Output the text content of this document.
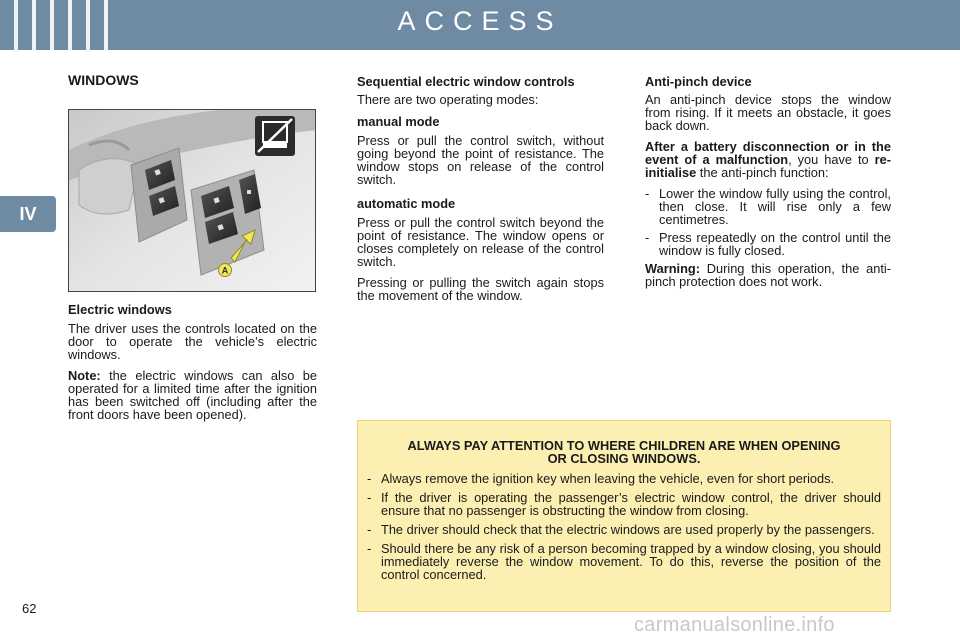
ACCESS
IV
WINDOWS
A

Electric windows

The driver uses the controls located on the door to operate the vehicle’s electric windows.

Note: the electric windows can also be operated for a limited time after the ignition has been switched off (including after the front doors have been opened).

Sequential electric window controls

There are two operating modes:

manual mode

Press or pull the control switch, without going beyond the point of resistance. The window stops on release of the control switch.

automatic mode

Press or pull the control switch beyond the point of resistance. The window opens or closes completely on release of the control switch.

Pressing or pulling the switch again stops the movement of the window.

Anti-pinch device

An anti-pinch device stops the window from rising. If it meets an obstacle, it goes back down.

After a battery disconnection or in the event of a malfunction, you have to re-initialise the anti-pinch function:

- Lower the window fully using the control, then close. It will rise only a few centimetres.
- Press repeatedly on the control until the window is fully closed.

Warning: During this operation, the anti-pinch protection does not work.

ALWAYS PAY ATTENTION TO WHERE CHILDREN ARE WHEN OPENING OR CLOSING WINDOWS.

- Always remove the ignition key when leaving the vehicle, even for short periods.
- If the driver is operating the passenger’s electric window control, the driver should ensure that no passenger is obstructing the window from closing.
- The driver should check that the electric windows are used properly by the passengers.
- Should there be any risk of a person becoming trapped by a window closing, you should immediately reverse the window movement. To do this, reverse the position of the control concerned.
62
carmanualsonline.info
